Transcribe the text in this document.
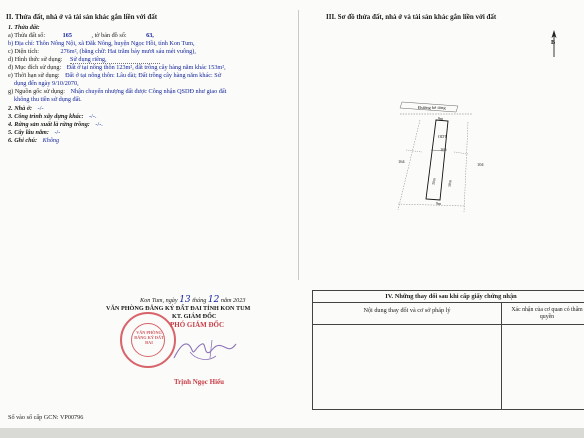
II. Thửa đất, nhà ở và tài sản khác gắn liền với đất
1. Thửa đất:
a) Thửa đất số:	165	, tờ bản đồ số:	63,
b) Địa chỉ: Thôn Nông Nội, xã Đăk Nông, huyện Ngọc Hồi, tỉnh Kon Tum,
c) Diện tích:	276m², (bằng chữ: Hai trăm bảy mươi sáu mét vuông),
d) Hình thức sử dụng: Sử dụng riêng,
đ) Mục đích sử dụng: Đất ở tại nông thôn 123m², đất trồng cây hàng năm khác 153m²,
e) Thời hạn sử dụng: Đất ở tại nông thôn: Lâu dài; Đất trồng cây hàng năm khác: Sử
dụng đến ngày 9/10/2070,
g) Nguồn gốc sử dụng: Nhận chuyển nhượng đất được Công nhận QSDĐ như giao đất
không thu tiền sử dụng đất.
2. Nhà ở: -/-
3. Công trình xây dựng khác: -/-.
4. Rừng sản xuất là rừng trồng: -/-.
5. Cây lâu năm: -/-
6. Ghi chú: Không
III. Sơ đồ thửa đất, nhà ở và tài sản khác gắn liền với đất
B
Đường bê tông
ODT
165
164
104
9m
9m
30m	30m
Kon Tum, ngày 13 tháng 12 năm 2023
VĂN PHÒNG ĐĂNG KÝ ĐẤT ĐAI TỈNH KON TUM
KT. GIÁM ĐỐC
PHÓ GIÁM ĐỐC
VĂN PHÒNG ĐĂNG KÝ ĐẤT ĐAI
Trịnh Ngọc Hiếu
IV. Những thay đổi sau khi cấp giấy chứng nhận
Nội dung thay đổi và cơ sở pháp lý	Xác nhận của cơ quan có thẩm quyền
Số vào sổ cấp GCN: VP00796
